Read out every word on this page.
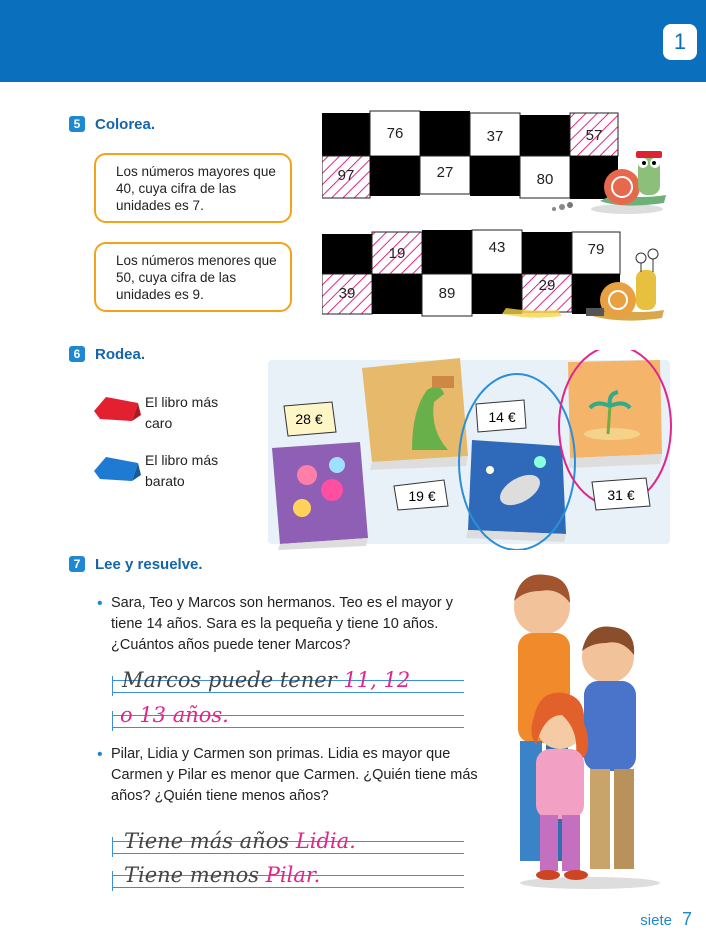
1
5 Colorea.
Los números mayores que 40, cuya cifra de las unidades es 7.
Los números menores que 50, cuya cifra de las unidades es 9.
76	37	57
97	27	80
19	43	79
39	89	29
6 Rodea.
El libro más caro
El libro más barato
28 €
19 €
14 €
31 €
7 Lee y resuelve.
• Sara, Teo y Marcos son hermanos. Teo es el mayor y tiene 14 años. Sara es la pequeña y tiene 10 años. ¿Cuántos años puede tener Marcos?
Marcos puede tener 11, 12
o 13 años.
• Pilar, Lidia y Carmen son primas. Lidia es mayor que Carmen y Pilar es menor que Carmen. ¿Quién tiene más años? ¿Quién tiene menos años?
Tiene más años Lidia.
Tiene menos Pilar.
siete 7
